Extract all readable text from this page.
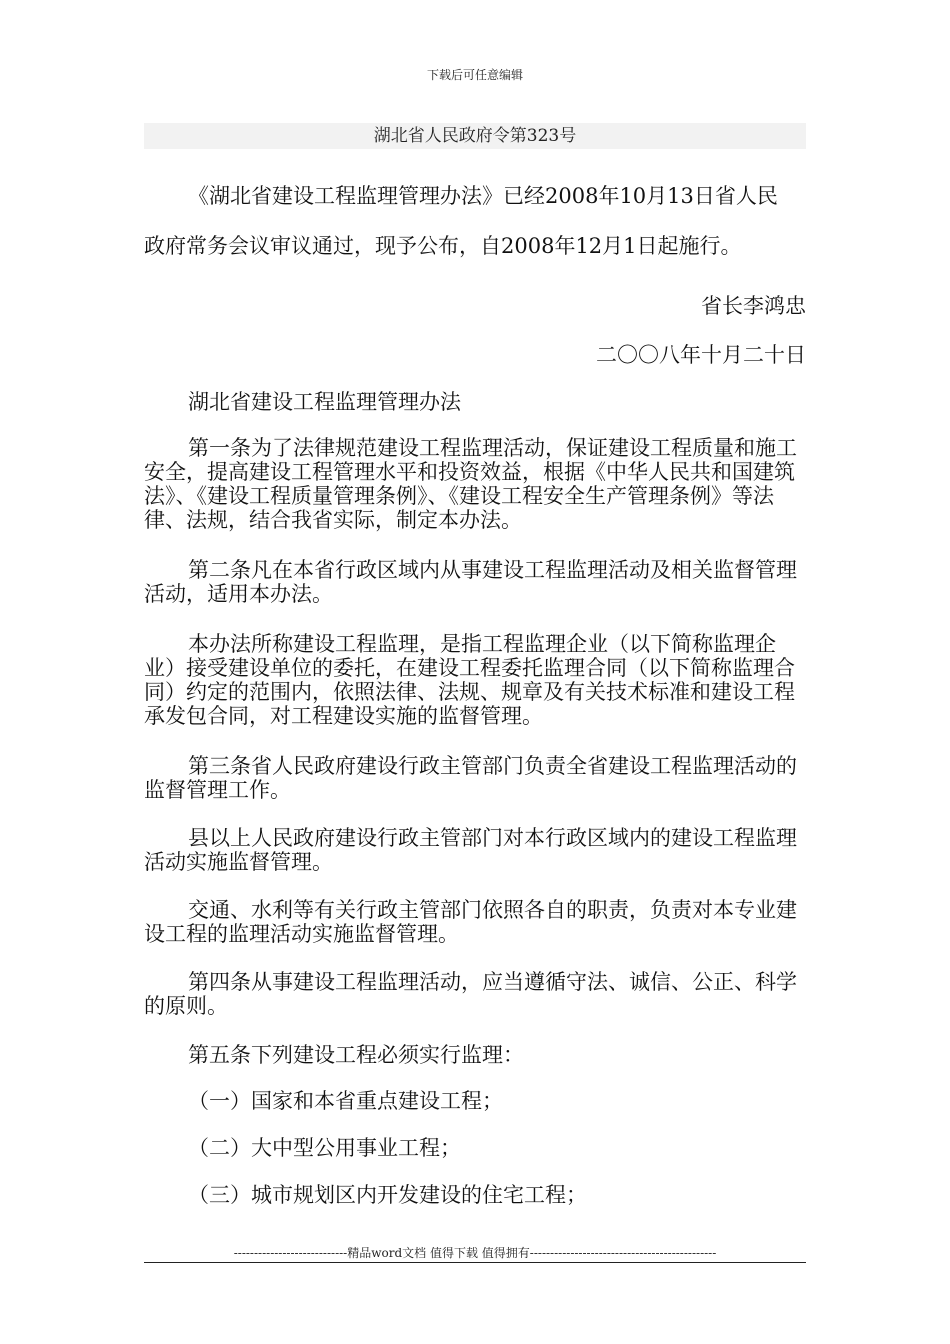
下载后可任意编辑
湖北省人民政府令第323号

《湖北省建设工程监理管理办法》已经2008年10月13日省人民

政府常务会议审议通过，现予公布，自2008年12月1日起施行。

省长李鸿忠

二〇〇八年十月二十日

湖北省建设工程监理管理办法

第一条为了法律规范建设工程监理活动，保证建设工程质量和施工安全，提高建设工程管理水平和投资效益，根据《中华人民共和国建筑法》、《建设工程质量管理条例》、《建设工程安全生产管理条例》等法律、法规，结合我省实际，制定本办法。

第二条凡在本省行政区域内从事建设工程监理活动及相关监督管理活动，适用本办法。

本办法所称建设工程监理，是指工程监理企业（以下简称监理企业）接受建设单位的委托，在建设工程委托监理合同（以下简称监理合同）约定的范围内，依照法律、法规、规章及有关技术标准和建设工程承发包合同，对工程建设实施的监督管理。

第三条省人民政府建设行政主管部门负责全省建设工程监理活动的监督管理工作。

县以上人民政府建设行政主管部门对本行政区域内的建设工程监理活动实施监督管理。

交通、水利等有关行政主管部门依照各自的职责，负责对本专业建设工程的监理活动实施监督管理。

第四条从事建设工程监理活动，应当遵循守法、诚信、公正、科学的原则。

第五条下列建设工程必须实行监理：

（一）国家和本省重点建设工程；

（二）大中型公用事业工程；

（三）城市规划区内开发建设的住宅工程；

----------------------------精品word文档 值得下载 值得拥有----------------------------------------------
